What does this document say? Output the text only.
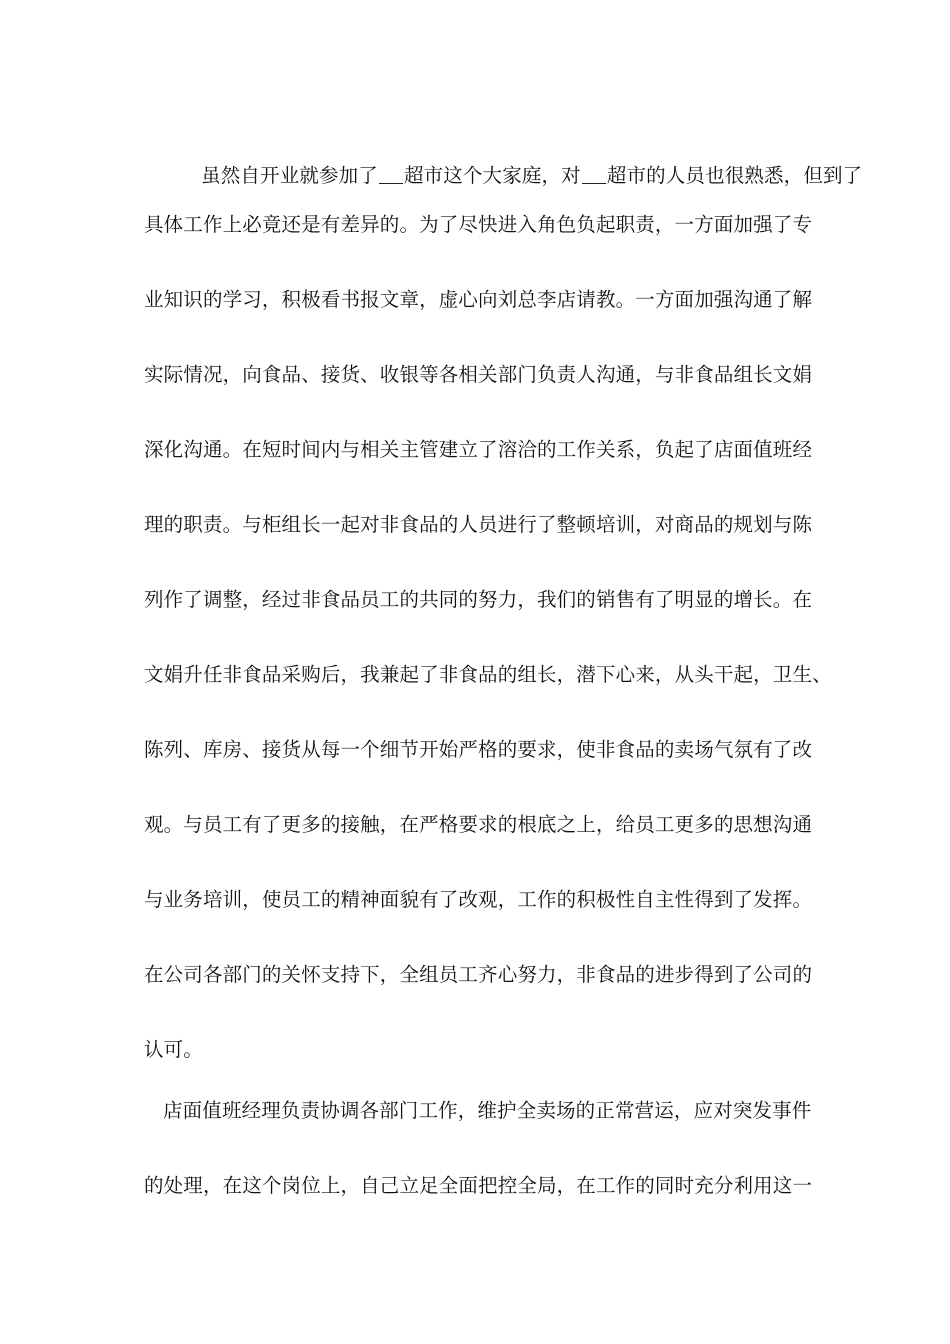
虽然自开业就参加了 超市这个大家庭，对 超市的人员也很熟悉，但到了

具体工作上必竟还是有差异的。为了尽快进入角色负起职责，一方面加强了专
业知识的学习，积极看书报文章，虚心向刘总李店请教。一方面加强沟通了解
实际情况，向食品、接货、收银等各相关部门负责人沟通，与非食品组长文娟
深化沟通。在短时间内与相关主管建立了溶洽的工作关系，负起了店面值班经
理的职责。与柜组长一起对非食品的人员进行了整顿培训，对商品的规划与陈
列作了调整，经过非食品员工的共同的努力，我们的销售有了明显的增长。在
文娟升任非食品采购后，我兼起了非食品的组长，潜下心来，从头干起，卫生、
陈列、库房、接货从每一个细节开始严格的要求，使非食品的卖场气氛有了改
观。与员工有了更多的接触，在严格要求的根底之上，给员工更多的思想沟通
与业务培训，使员工的精神面貌有了改观，工作的积极性自主性得到了发挥。
在公司各部门的关怀支持下，全组员工齐心努力，非食品的进步得到了公司的
认可。
店面值班经理负责协调各部门工作，维护全卖场的正常营运，应对突发事件
的处理，在这个岗位上，自己立足全面把控全局，在工作的同时充分利用这一
